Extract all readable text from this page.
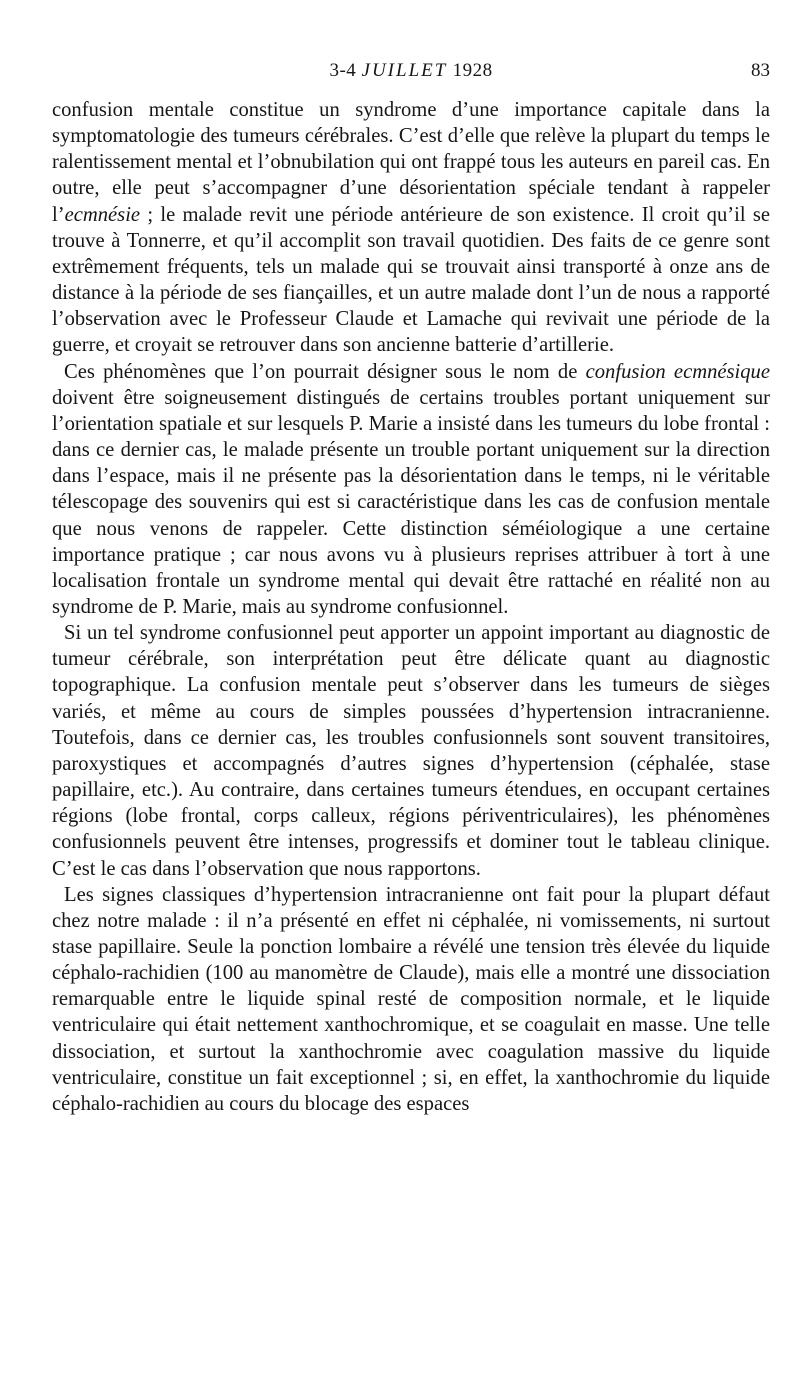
3-4 JUILLET 1928	83

confusion mentale constitue un syndrome d’une importance capitale dans la symptomatologie des tumeurs cérébrales. C’est d’elle que relève la plupart du temps le ralentissement mental et l’obnubilation qui ont frappé tous les auteurs en pareil cas. En outre, elle peut s’accompagner d’une désorientation spéciale tendant à rappeler l’ecmnésie ; le malade revit une période antérieure de son existence. Il croit qu’il se trouve à Tonnerre, et qu’il accomplit son travail quotidien. Des faits de ce genre sont extrêmement fréquents, tels un malade qui se trouvait ainsi transporté à onze ans de distance à la période de ses fiançailles, et un autre malade dont l’un de nous a rapporté l’observation avec le Professeur Claude et Lamache qui revivait une période de la guerre, et croyait se retrouver dans son ancienne batterie d’artillerie.

Ces phénomènes que l’on pourrait désigner sous le nom de confusion ecmnésique doivent être soigneusement distingués de certains troubles portant uniquement sur l’orientation spatiale et sur lesquels P. Marie a insisté dans les tumeurs du lobe frontal : dans ce dernier cas, le malade présente un trouble portant uniquement sur la direction dans l’espace, mais il ne présente pas la désorientation dans le temps, ni le véritable télescopage des souvenirs qui est si caractéristique dans les cas de confusion mentale que nous venons de rappeler. Cette distinction séméiologique a une certaine importance pratique ; car nous avons vu à plusieurs reprises attribuer à tort à une localisation frontale un syndrome mental qui devait être rattaché en réalité non au syndrome de P. Marie, mais au syndrome confusionnel.

Si un tel syndrome confusionnel peut apporter un appoint important au diagnostic de tumeur cérébrale, son interprétation peut être délicate quant au diagnostic topographique. La confusion mentale peut s’observer dans les tumeurs de sièges variés, et même au cours de simples poussées d’hypertension intracranienne. Toutefois, dans ce dernier cas, les troubles confusionnels sont souvent transitoires, paroxystiques et accompagnés d’autres signes d’hypertension (céphalée, stase papillaire, etc.). Au contraire, dans certaines tumeurs étendues, en occupant certaines régions (lobe frontal, corps calleux, régions périventriculaires), les phénomènes confusionnels peuvent être intenses, progressifs et dominer tout le tableau clinique. C’est le cas dans l’observation que nous rapportons.

Les signes classiques d’hypertension intracranienne ont fait pour la plupart défaut chez notre malade : il n’a présenté en effet ni céphalée, ni vomissements, ni surtout stase papillaire. Seule la ponction lombaire a révélé une tension très élevée du liquide céphalo-rachidien (100 au manomètre de Claude), mais elle a montré une dissociation remarquable entre le liquide spinal resté de composition normale, et le liquide ventriculaire qui était nettement xanthochromique, et se coagulait en masse. Une telle dissociation, et surtout la xanthochromie avec coagulation massive du liquide ventriculaire, constitue un fait exceptionnel ; si, en effet, la xanthochromie du liquide céphalo-rachidien au cours du blocage des espaces
